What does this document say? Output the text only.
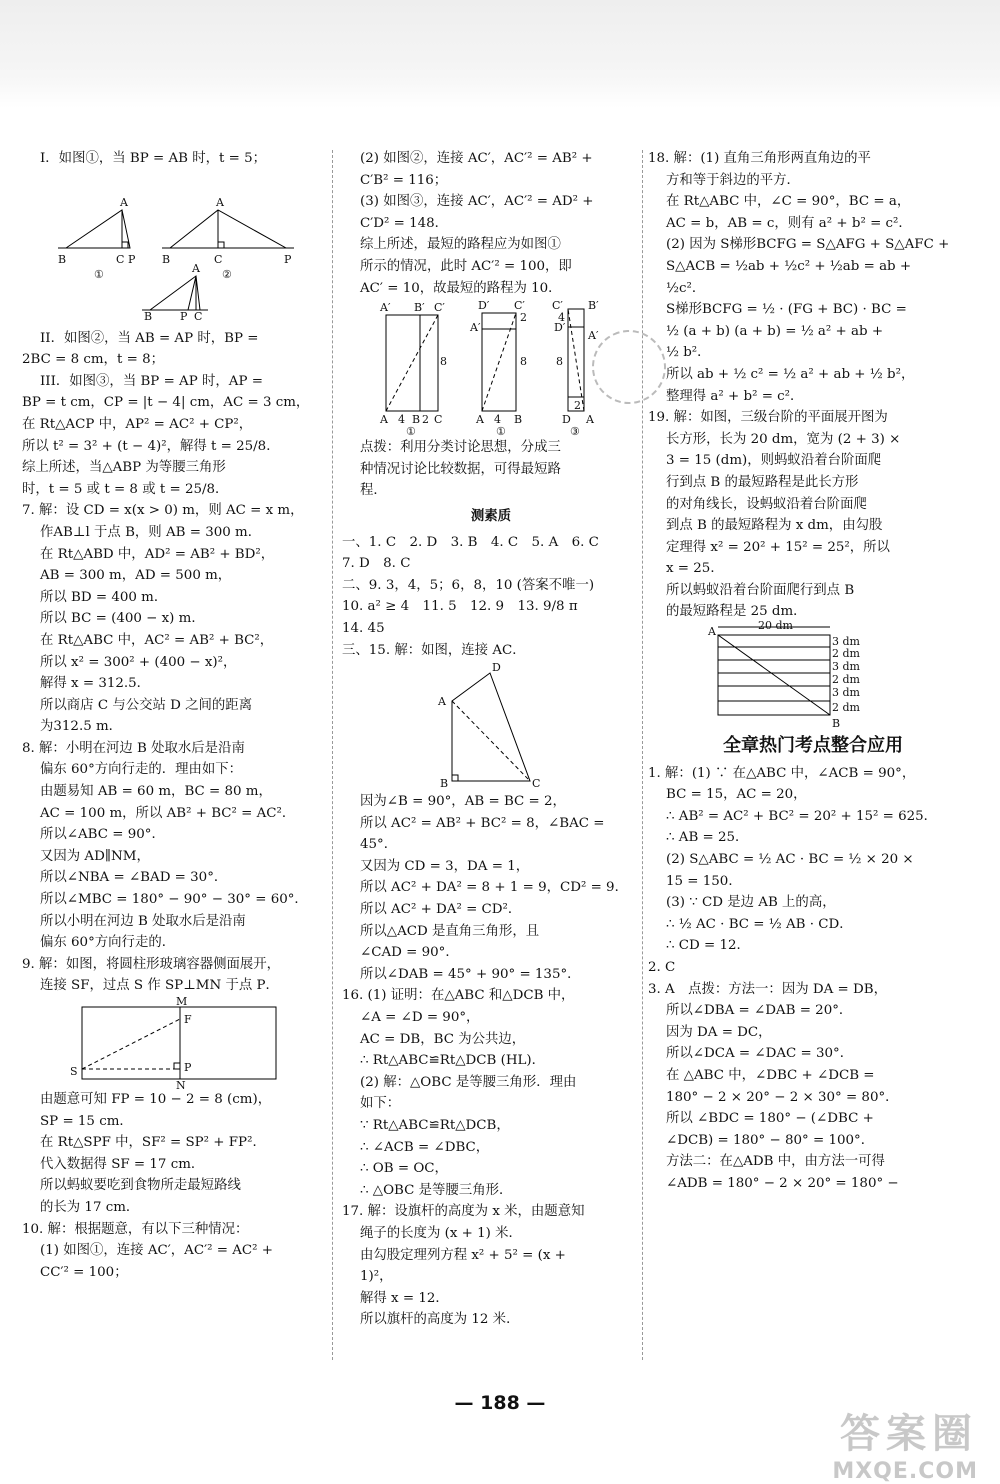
I．如图①，当 BP = AB 时，t = 5；
A
B	C P
①
A
B	C	P
②
A
B	P C
II．如图②，当 AB = AP 时，BP =
2BC = 8 cm，t = 8；
III．如图③，当 BP = AP 时，AP =
BP = t cm，CP = |t − 4| cm，AC = 3 cm，
在 Rt△ACP 中，AP² = AC² + CP²，
所以 t² = 3² + (t − 4)²，解得 t = 25/8．
综上所述，当△ABP 为等腰三角形
时，t = 5 或 t = 8 或 t = 25/8．
7. 解：设 CD = x(x > 0) m，则 AC = x m，
作AB⊥l 于点 B，则 AB = 300 m．
在 Rt△ABD 中，AD² = AB² + BD²，
AB = 300 m，AD = 500 m，
所以 BD = 400 m．
所以 BC = (400 − x) m．
在 Rt△ABC 中，AC² = AB² + BC²，
所以 x² = 300² + (400 − x)²，
解得 x = 312.5．
所以商店 C 与公交站 D 之间的距离
为312.5 m．
8. 解：小明在河边 B 处取水后是沿南
偏东 60°方向行走的．理由如下：
由题易知 AB = 60 m，BC = 80 m，
AC = 100 m，所以 AB² + BC² = AC²．
所以∠ABC = 90°．
又因为 AD∥NM，
所以∠NBA = ∠BAD = 30°．
所以∠MBC = 180° − 90° − 30° = 60°．
所以小明在河边 B 处取水后是沿南
偏东 60°方向行走的．
9. 解：如图，将圆柱形玻璃容器侧面展开，
连接 SF，过点 S 作 SP⊥MN 于点 P．
M
F
S	P
N
由题意可知 FP = 10 − 2 = 8 (cm)，
SP = 15 cm．
在 Rt△SPF 中，SF² = SP² + FP²．
代入数据得 SF = 17 cm．
所以蚂蚁要吃到食物所走最短路线
的长为 17 cm．
10. 解：根据题意，有以下三种情况：
(1) 如图①，连接 AC′，AC′² = AC² +
CC′² = 100；
(2) 如图②，连接 AC′，AC′² = AB² +
C′B² = 116；
(3) 如图③，连接 AC′，AC′² = AD² +
C′D² = 148．
综上所述，最短的路程应为如图①
所示的情况，此时 AC′² = 100，即
AC′ = 10，故最短的路程为 10．
A′ B′ C′
8
A 4 B 2 C
①
D′ C′
2
A′
8
A 4 B
①
C′ B′
D′
A′
4
8
2
D A
③
点拨：利用分类讨论思想，分成三
种情况讨论比较数据，可得最短路
程．
测素质
一、1. C　2. D　3. B　4. C　5. A　6. C
7. D　8. C
二、9. 3，4，5；6，8，10 (答案不唯一)
10. a² ≥ 4　11. 5　12. 9　13. 9/8 π
14. 45
三、15. 解：如图，连接 AC．
A
B	C
D
因为∠B = 90°，AB = BC = 2，
所以 AC² = AB² + BC² = 8，∠BAC =
45°．
又因为 CD = 3，DA = 1，
所以 AC² + DA² = 8 + 1 = 9，CD² = 9．
所以 AC² + DA² = CD²．
所以△ACD 是直角三角形，且
∠CAD = 90°．
所以∠DAB = 45° + 90° = 135°．
16. (1) 证明：在△ABC 和△DCB 中，
∠A = ∠D = 90°，
AC = DB，BC 为公共边，
∴ Rt△ABC≌Rt△DCB (HL)．
(2) 解：△OBC 是等腰三角形．理由
如下：
∵ Rt△ABC≌Rt△DCB，
∴ ∠ACB = ∠DBC，
∴ OB = OC，
∴ △OBC 是等腰三角形．
17. 解：设旗杆的高度为 x 米，由题意知
绳子的长度为 (x + 1) 米．
由勾股定理列方程 x² + 5² = (x +
1)²，
解得 x = 12．
所以旗杆的高度为 12 米．
18. 解：(1) 直角三角形两直角边的平
方和等于斜边的平方．
在 Rt△ABC 中，∠C = 90°，BC = a，
AC = b，AB = c，则有 a² + b² = c²．
(2) 因为 S梯形BCFG = S△AFG + S△AFC +
S△ACB = ½ab + ½c² + ½ab = ab +
½c²．
S梯形BCFG = ½ · (FG + BC) · BC =
½ (a + b) (a + b) = ½ a² + ab +
½ b²．
所以 ab + ½ c² = ½ a² + ab + ½ b²，
整理得 a² + b² = c²．
19. 解：如图，三级台阶的平面展开图为
长方形，长为 20 dm，宽为 (2 + 3) ×
3 = 15 (dm)，则蚂蚁沿着台阶面爬
行到点 B 的最短路程是此长方形
的对角线长，设蚂蚁沿着台阶面爬
到点 B 的最短路程为 x dm，由勾股
定理得 x² = 20² + 15² = 25²，所以
x = 25．
所以蚂蚁沿着台阶面爬行到点 B
的最短路程是 25 dm．
A	20 dm
B
3 dm
2 dm
3 dm
2 dm
3 dm
2 dm
全章热门考点整合应用
1. 解：(1) ∵ 在△ABC 中，∠ACB = 90°，
BC = 15，AC = 20，
∴ AB² = AC² + BC² = 20² + 15² = 625．
∴ AB = 25．
(2) S△ABC = ½ AC · BC = ½ × 20 ×
15 = 150．
(3) ∵ CD 是边 AB 上的高，
∴ ½ AC · BC = ½ AB · CD．
∴ CD = 12．
2. C
3. A　点拨：方法一：因为 DA = DB，
所以∠DBA = ∠DAB = 20°．
因为 DA = DC，
所以∠DCA = ∠DAC = 30°．
在 △ABC 中，∠DBC + ∠DCB =
180° − 2 × 20° − 2 × 30° = 80°．
所以 ∠BDC = 180° − (∠DBC +
∠DCB) = 180° − 80° = 100°．
方法二：在△ADB 中，由方法一可得
∠ADB = 180° − 2 × 20° = 180° −
— 188 —
答案圈
MXQE.COM
